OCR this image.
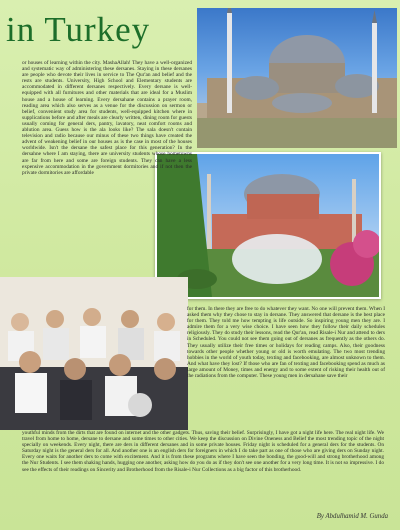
in Turkey

or houses of learning within the city. MashaAllah! They have a well-organized and systematic way of administering these dersanes. Staying in these dersanes are people who devote their lives in service to The Qur'an and belief and the rests are students. University, High School and Elementary students are accommodated in different dersanes respectively. Every dersane is well-equipped with all furnitures and other materials that are ideal for a Muslim house and a house of learning. Every dersahane contains a prayer room, reading area which also serves as a venue for the discussion on sermon or belief, convenient study area for students, well-equipped kitchen where in supplications before and after meals are clearly written, dining room for guests usually coming for general ders, pantry, lavatory, neat comfort rooms and ablution area. Guess how is the ala looks like? The sala doesn't contain television and radio because our minus of these two things have created the advent of weakening belief in our houses as is the case in most of the houses worldwide. Isn't the dersane the safest place for this generation? In the dersahne where I am staying, there are university students whose hometowns are far from here and some are foreign students. They can have a less expensive accommodation in the government dormitories and if not then the private dormitories are affordable

for them. In there they are free to do whatever they want. No one will prevent them. When I asked them why they chose to stay in dersane. They answered that dersane is the best place for them. They told me how tempting is life outside. So inspiring young men they are. I admire them for a very wise choice. I have seen how they follow their daily schedules religiously. They do study their lessons, read the Qur'an, read Risale-i Nur and attend to ders in Scheduled. You could not see them going out of dersanes as frequently as the others do. They usually utilize their free times or holidays for reading camps. Also, their goodness towards other people whether young or old is worth emulating. The two most trending hobbies in the world of youth today, texting and facebooking, are almost unknown to them. And what have they lost? If those who are fan of texting and facebooking spend as much as large amount of Money, times and energy and to some extent of risking their health out of the radiations from the computer. These young men in dersahane save their

youthful minds from the dirts that are found on internet and the other gadgets. Thus, saving their belief. Surprisingly, I have got a night life here. The real night life. We travel from home to home, dersane to dersane and some times to other cities. We keep the discussion on Divine Oneness and Belief the most trending topic of the night specially on weekends. Every night, there are ders in different dersanes and in some private houses. Friday night is scheduled for a general ders for the students. On Saturday night is the general ders for all. And another one is an english ders for foreigners in which I do take part as one of those who are giving ders on Sunday night. Every one waits for another ders to come with excitement. And it is from these programs where I have seen the bonding, the good-will and strong brotherhood among the Nur Students. I see them shaking hands, hugging one another, asking how do you do as if they don't see one another for a very long time. It is not so impressive. I do see the effects of their readings on Sincerity and Brotherhood from the Risale-i Nur Collections as a big factor of this brotherhood.

By Abdulhamid M. Gunda
